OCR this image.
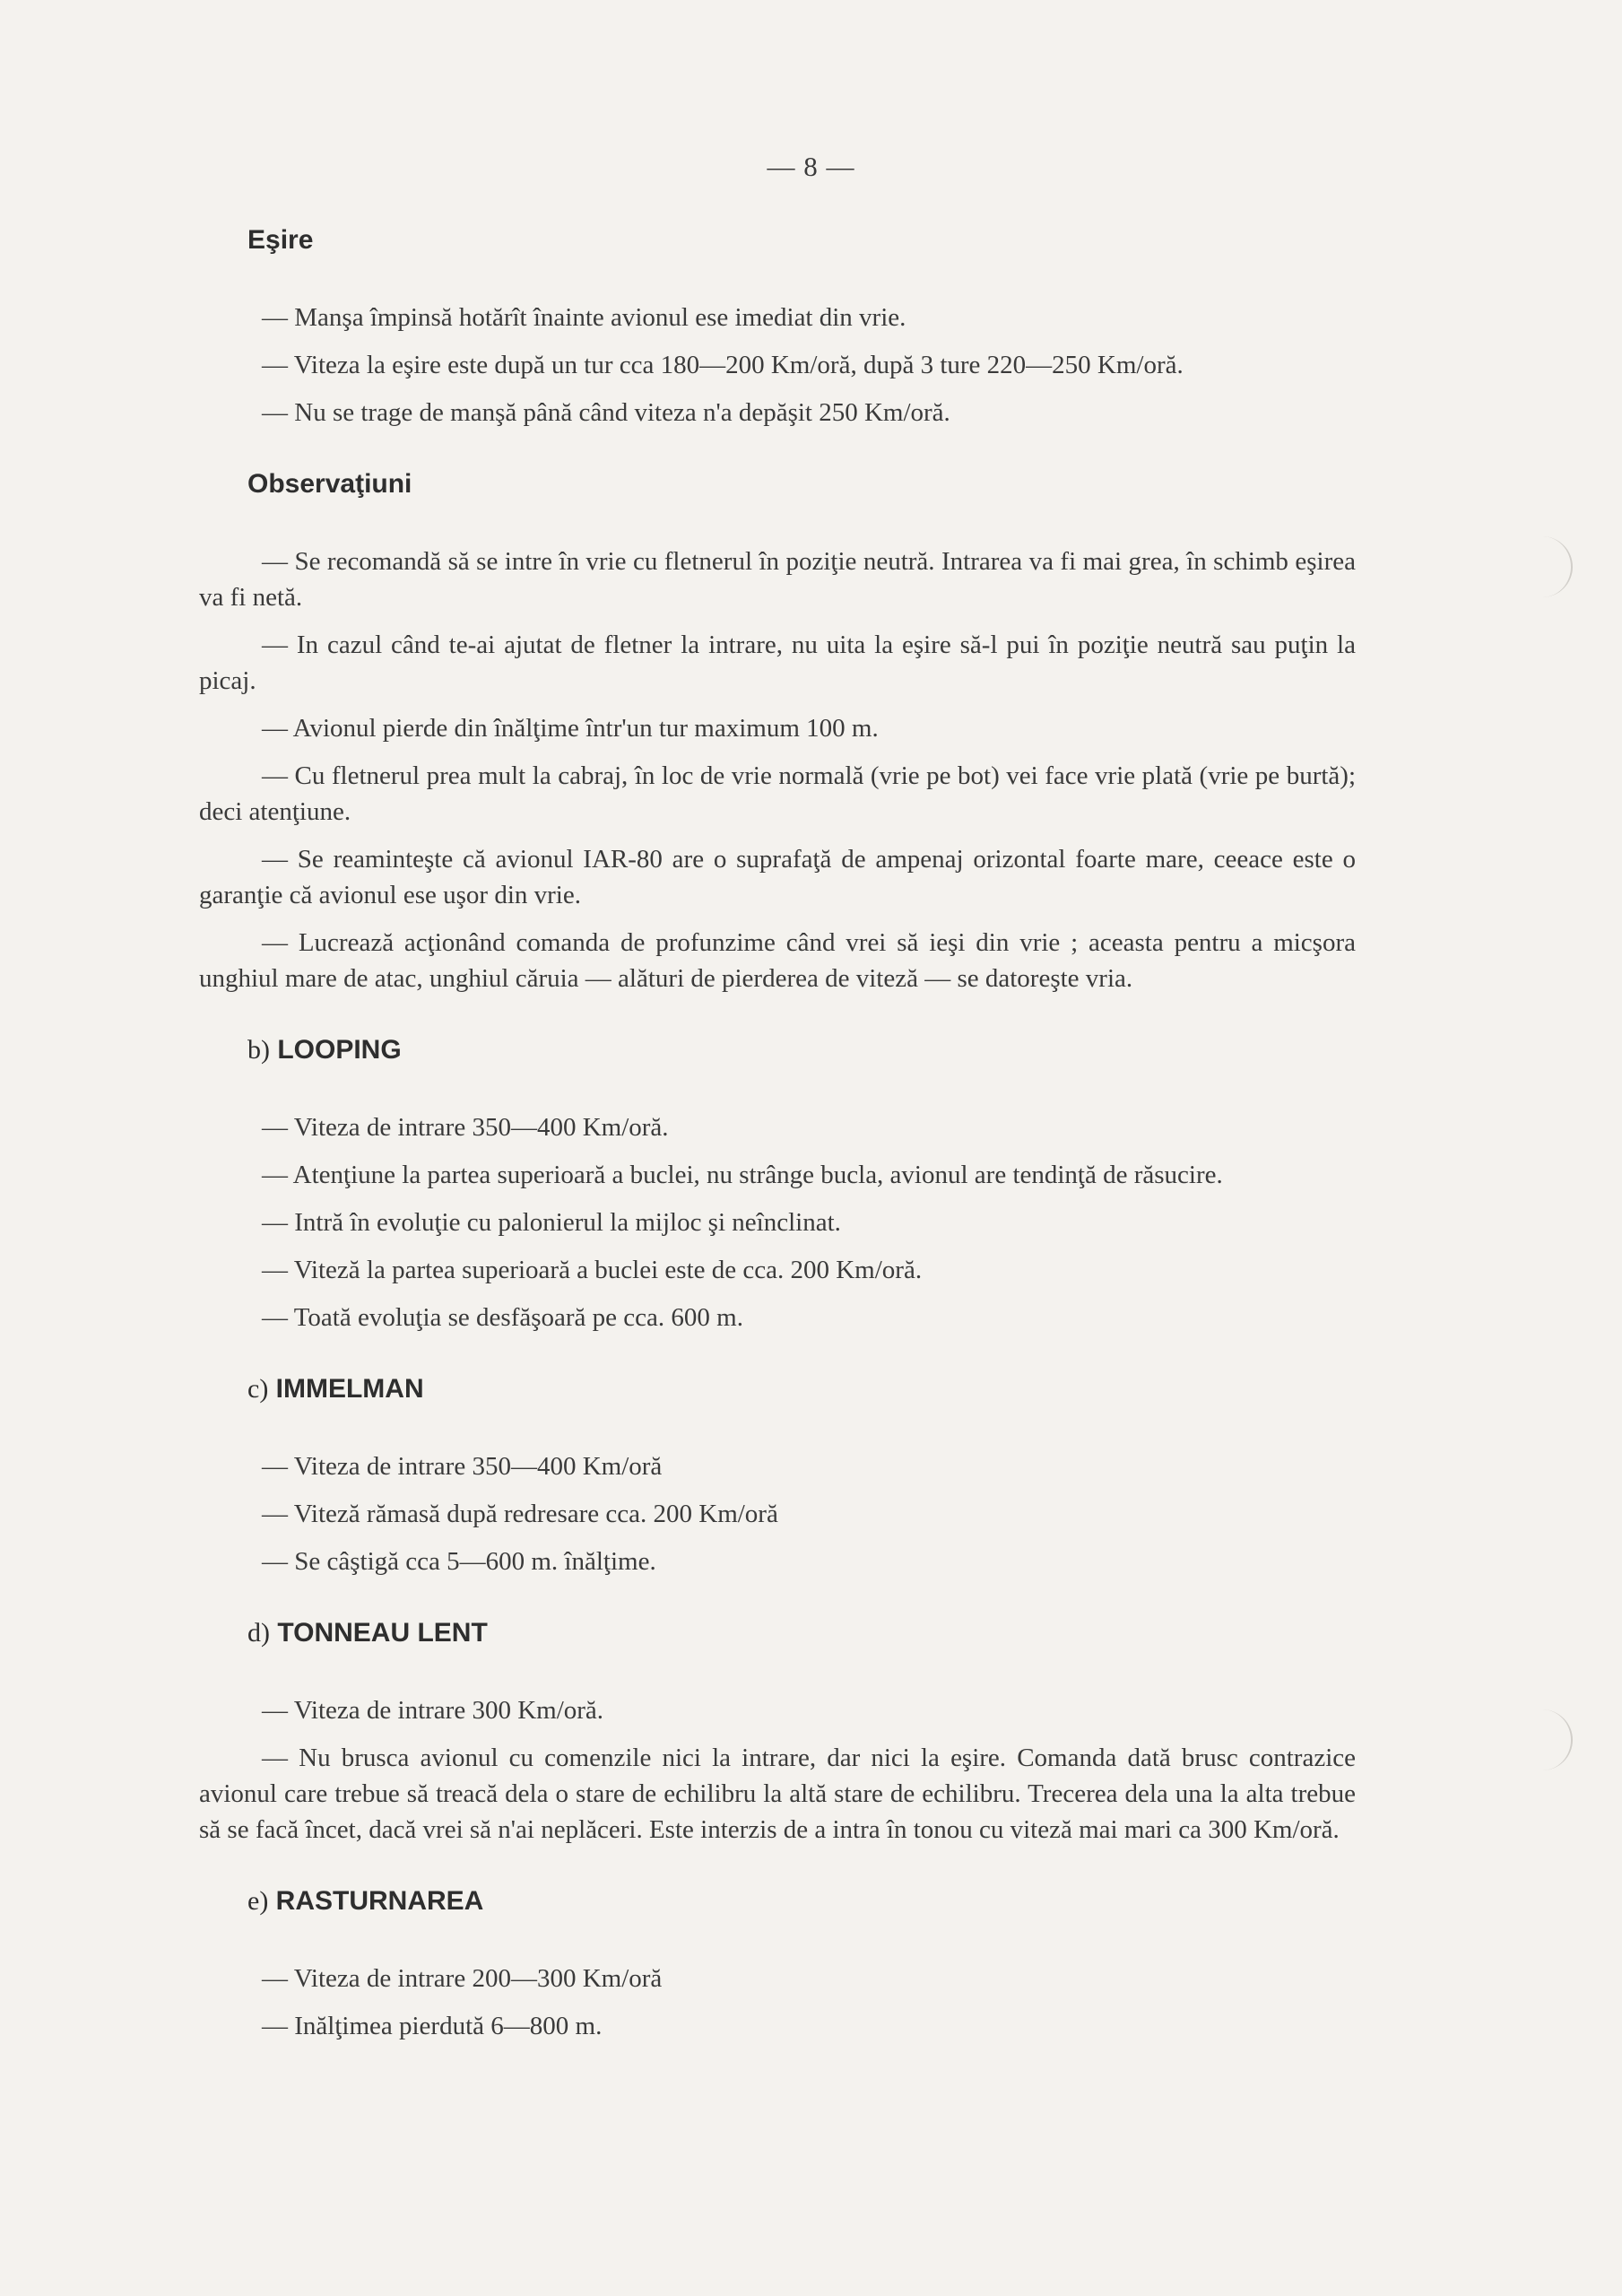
— 8 —
Eşire
— Manşa împinsă hotărît înainte avionul ese imediat din vrie.
— Viteza la eşire este după un tur cca 180—200 Km/oră, după 3 ture 220—250 Km/oră.
— Nu se trage de manşă până când viteza n'a depăşit 250 Km/oră.
Observaţiuni
— Se recomandă să se intre în vrie cu fletnerul în poziţie neutră. Intrarea va fi mai grea, în schimb eşirea va fi netă.
— In cazul când te-ai ajutat de fletner la intrare, nu uita la eşire să-l pui în poziţie neutră sau puţin la picaj.
— Avionul pierde din înălţime într'un tur maximum 100 m.
— Cu fletnerul prea mult la cabraj, în loc de vrie normală (vrie pe bot) vei face vrie plată (vrie pe burtă); deci atenţiune.
— Se reaminteşte că avionul IAR-80 are o suprafaţă de ampenaj orizontal foarte mare, ceeace este o garanţie că avionul ese uşor din vrie.
— Lucrează acţionând comanda de profunzime când vrei să ieşi din vrie ; aceasta pentru a micşora unghiul mare de atac, unghiul căruia — alături de pierderea de viteză — se datoreşte vria.
b) LOOPING
— Viteza de intrare 350—400 Km/oră.
— Atenţiune la partea superioară a buclei, nu strânge bucla, avionul are tendinţă de răsucire.
— Intră în evoluţie cu palonierul la mijloc şi neînclinat.
— Viteză la partea superioară a buclei este de cca. 200 Km/oră.
— Toată evoluţia se desfăşoară pe cca. 600 m.
c) IMMELMAN
— Viteza de intrare 350—400 Km/oră
— Viteză rămasă după redresare cca. 200 Km/oră
— Se câştigă cca 5—600 m. înălţime.
d) TONNEAU LENT
— Viteza de intrare 300 Km/oră.
— Nu brusca avionul cu comenzile nici la intrare, dar nici la eşire. Comanda dată brusc contrazice avionul care trebue să treacă dela o stare de echilibru la altă stare de echilibru. Trecerea dela una la alta trebue să se facă încet, dacă vrei să n'ai neplăceri. Este interzis de a intra în tonou cu viteză mai mari ca 300 Km/oră.
e) RASTURNAREA
— Viteza de intrare 200—300 Km/oră
— Inălţimea pierdută 6—800 m.
